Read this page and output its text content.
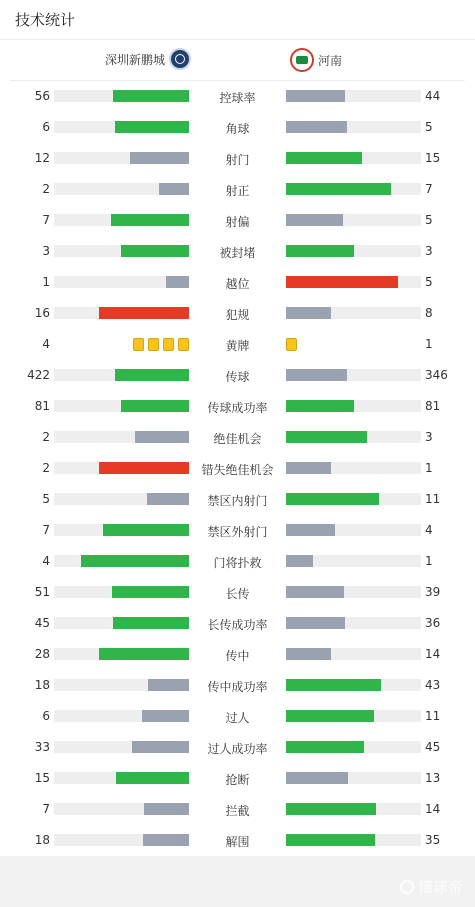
技术统计
深圳新鹏城	河南
56	控球率	44
6	角球	5
12	射门	15
2	射正	7
7	射偏	5
3	被封堵	3
1	越位	5
16	犯规	8
4	黄牌	1
422	传球	346
81	传球成功率	81
2	绝佳机会	3
2	错失绝佳机会	1
5	禁区内射门	11
7	禁区外射门	4
4	门将扑救	1
51	长传	39
45	长传成功率	36
28	传中	14
18	传中成功率	43
6	过人	11
33	过人成功率	45
15	抢断	13
7	拦截	14
18	解围	35
懂球帝
